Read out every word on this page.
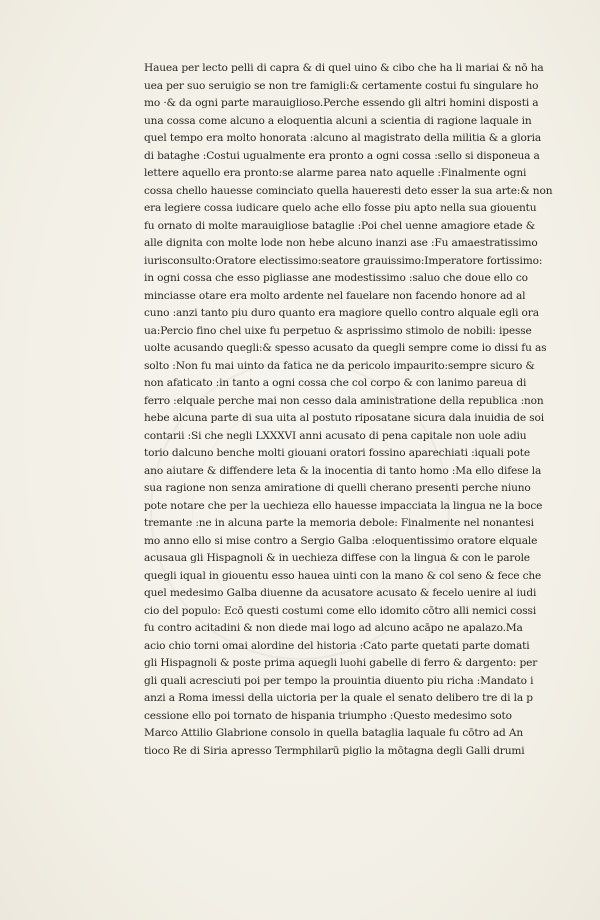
Hauea per lecto pelli di capra & di quel uino & cibo che ha li mariai & nō ha
uea per suo seruigio se non tre famigli:& certamente costui fu singulare ho
mo ·& da ogni parte marauiglioso.Perche essendo gli altri homini disposti a
una cossa come alcuno a eloquentia alcuni a scientia di ragione laquale in
quel tempo era molto honorata :alcuno al magistrato della militia & a gloria
di bataghe :Costui ugualmente era pronto a ogni cossa :sello si disponeua a
lettere aquello era pronto:se alarme parea nato aquelle :Finalmente ogni
cossa chello hauesse cominciato quella haueresti deto esser la sua arte:& non
era legiere cossa iudicare quelo ache ello fosse piu apto nella sua giouentu
fu ornato di molte marauigliose bataglie :Poi chel uenne amagiore etade &
alle dignita con molte lode non hebe alcuno inanzi ase :Fu amaestratissimo
iurisconsulto:Oratore electissimo:seatore grauissimo:Imperatore fortissimo:
in ogni cossa che esso pigliasse ane modestissimo :saluo che doue ello co
minciasse otare era molto ardente nel fauelare non facendo honore ad al
cuno :anzi tanto piu duro quanto era magiore quello contro alquale egli ora
ua:Percio fino chel uixe fu perpetuo & asprissimo stimolo de nobili: ipesse
uolte acusando quegli:& spesso acusato da quegli sempre come io dissi fu as
solto :Non fu mai uinto da fatica ne da pericolo impaurito:sempre sicuro &
non afaticato :in tanto a ogni cossa che col corpo & con lanimo pareua di
ferro :elquale perche mai non cesso dala aministratione della republica :non
hebe alcuna parte di sua uita al postuto riposatane sicura dala inuidia de soi
contarii :Si che negli LXXXVI anni acusato di pena capitale non uole adiu
torio dalcuno benche molti giouani oratori fossino aparechiati :iquali pote
ano aiutare & diffendere leta & la inocentia di tanto homo :Ma ello difese la
sua ragione non senza amiratione di quelli cherano presenti perche niuno
pote notare che per la uechieza ello hauesse impacciata la lingua ne la boce
tremante :ne in alcuna parte la memoria debole: Finalmente nel nonantesi
mo anno ello si mise contro a Sergio Galba :eloquentissimo oratore elquale
acusaua gli Hispagnoli & in uechieza diffese con la lingua & con le parole
quegli iqual in giouentu esso hauea uinti con la mano & col seno & fece che
quel medesimo Galba diuenne da acusatore acusato & fecelo uenire al iudi
cio del populo: Ecō questi costumi come ello idomito cōtro alli nemici cossi
fu contro acitadini & non diede mai logo ad alcuno acāpo ne apalazo.Ma
acio chio torni omai alordine del historia :Cato parte quetati parte domati
gli Hispagnoli & poste prima aquegli luohi gabelle di ferro & dargento: per
gli quali acresciuti poi per tempo la prouintia diuento piu richa :Mandato i
anzi a Roma imessi della uictoria per la quale el senato delibero tre di la p
cessione ello poi tornato de hispania triumpho :Questo medesimo soto
Marco Attilio Glabrione consolo in quella bataglia laquale fu cōtro ad An
tioco Re di Siria apresso Termphilarū piglio la mōtagna degli Galli drumi
